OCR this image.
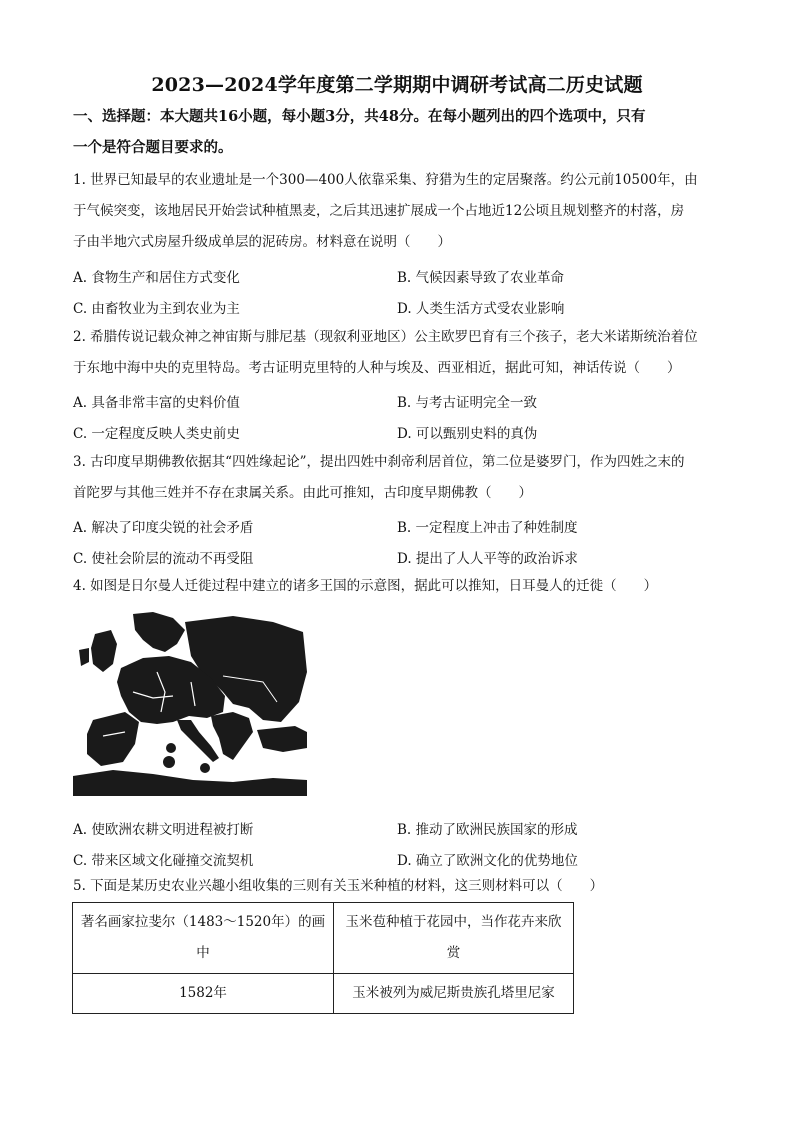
2023—2024学年度第二学期期中调研考试高二历史试题
一、选择题：本大题共16小题，每小题3分，共48分。在每小题列出的四个选项中，只有
一个是符合题目要求的。
1. 世界已知最早的农业遗址是一个300—400人依靠采集、狩猎为生的定居聚落。约公元前10500年，由
于气候突变，该地居民开始尝试种植黑麦，之后其迅速扩展成一个占地近12公顷且规划整齐的村落，房
子由半地穴式房屋升级成单层的泥砖房。材料意在说明（　　）
A. 食物生产和居住方式变化	B. 气候因素导致了农业革命
C. 由畜牧业为主到农业为主	D. 人类生活方式受农业影响
2. 希腊传说记载众神之神宙斯与腓尼基（现叙利亚地区）公主欧罗巴育有三个孩子，老大米诺斯统治着位
于东地中海中央的克里特岛。考古证明克里特的人种与埃及、西亚相近，据此可知，神话传说（　　）
A. 具备非常丰富的史料价值	B. 与考古证明完全一致
C. 一定程度反映人类史前史	D. 可以甄别史料的真伪
3. 古印度早期佛教依据其“四姓缘起论”，提出四姓中刹帝利居首位，第二位是婆罗门，作为四姓之末的
首陀罗与其他三姓并不存在隶属关系。由此可推知，古印度早期佛教（　　）
A. 解决了印度尖锐的社会矛盾	B. 一定程度上冲击了种姓制度
C. 使社会阶层的流动不再受阻	D. 提出了人人平等的政治诉求
4. 如图是日尔曼人迁徙过程中建立的诸多王国的示意图，据此可以推知，日耳曼人的迁徙（　　）
A. 使欧洲农耕文明进程被打断	B. 推动了欧洲民族国家的形成
C. 带来区域文化碰撞交流契机	D. 确立了欧洲文化的优势地位
5. 下面是某历史农业兴趣小组收集的三则有关玉米种植的材料，这三则材料可以（　　）
著名画家拉斐尔（1483～1520年）的画中	玉米苞种植于花园中，当作花卉来欣赏
1582年	玉米被列为威尼斯贵族孔塔里尼家
